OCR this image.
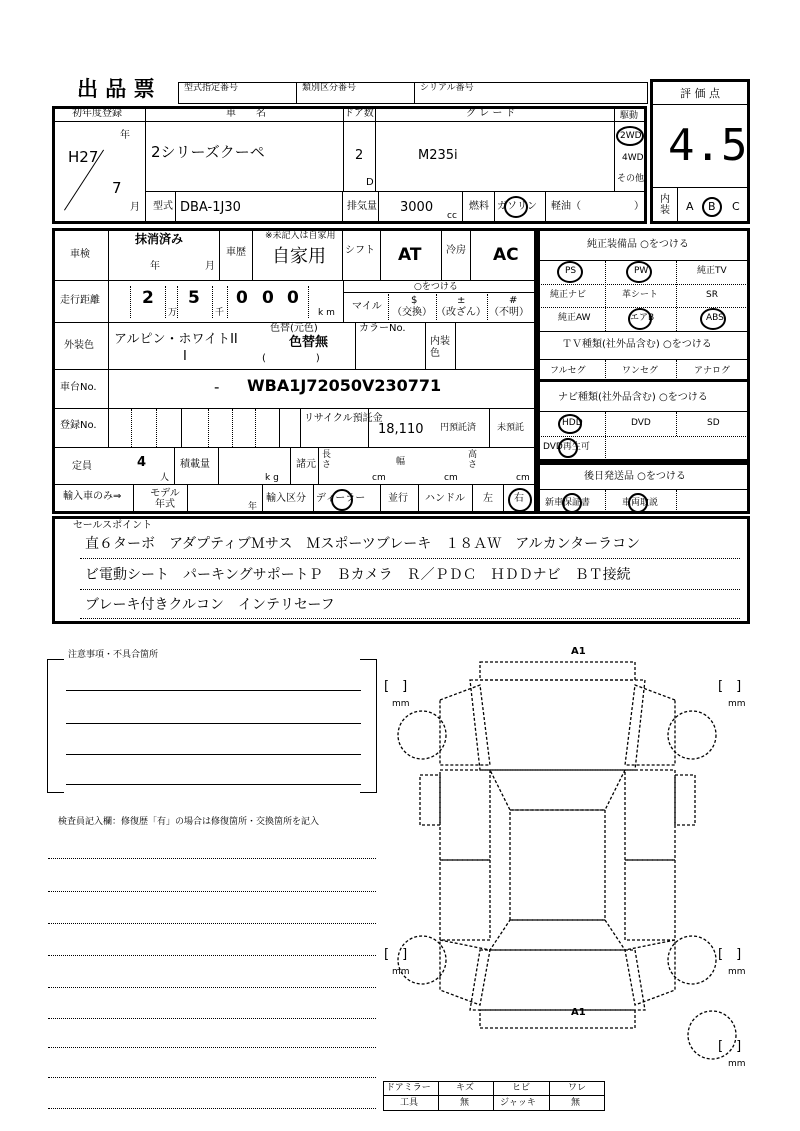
出 品 票	型式指定番号	類別区分番号	シリアル番号	評 価 点
4.5
内装 A B C
初年度登録
年
H27
7
月
車　　名
2シリーズクーペ
ドア数
2
D
グ レ ー ド
M235i
駆動
2WD
4WD
その他
型式 DBA-1J30	排気量 3000
cc
燃料 ガソリン 軽油（	）
車検
抹消済み
年	月
車歴
※未記入は自家用
自家用 シフト AT 冷房 AC
走行距離 2
万
5
千
0 0 0
k m
○をつける
マイル
$
（交換）
±
（改ざん）
#
（不明）
外装色 アルピン・ホワイトII
I
色替(元色)
色替無
(　　　　　)
カラーNo.
内装色
車台No.	- WBA1J72050V230771
登録No.
リサイクル預託金
18,110 円預託済 未預託
定員	4
人
積載量
k g
諸元
長さ
cm
幅
cm
高さ
cm
輸入車のみ⇒	モデル年式	年
輸入区分 ディーラー 並行 ハンドル 左 右
純正装備品 ○をつける
PS	PW	純正TV
純正ナビ	革シート	SR
純正AW	エアB	ABS
ＴＶ種類(社外品含む) ○をつける
フルセグ	ワンセグ	アナログ
ナビ種類(社外品含む) ○をつける
HDD	DVD	SD
DVD再生可
後日発送品 ○をつける
新車保証書	車両取説
セールスポイント
直６ターボ　アダプティブＭサス　Ｍスポーツブレーキ　１８ＡＷ　アルカンターラコン
ビ電動シート　パーキングサポートＰ　Ｂカメラ　Ｒ／ＰＤＣ　ＨＤＤナビ　ＢＴ接続
ブレーキ付きクルコン　インテリセーフ
注意事項・不具合箇所
検査員記入欄：修復歴「有」の場合は修復箇所・交換箇所を記入
A1
A1
[　]
mm
[　]
mm
[　]
mm
[　]
mm
[　]
mm
ドアミラー	キズ	ヒビ	ワレ
工具	無	ジャッキ	無
